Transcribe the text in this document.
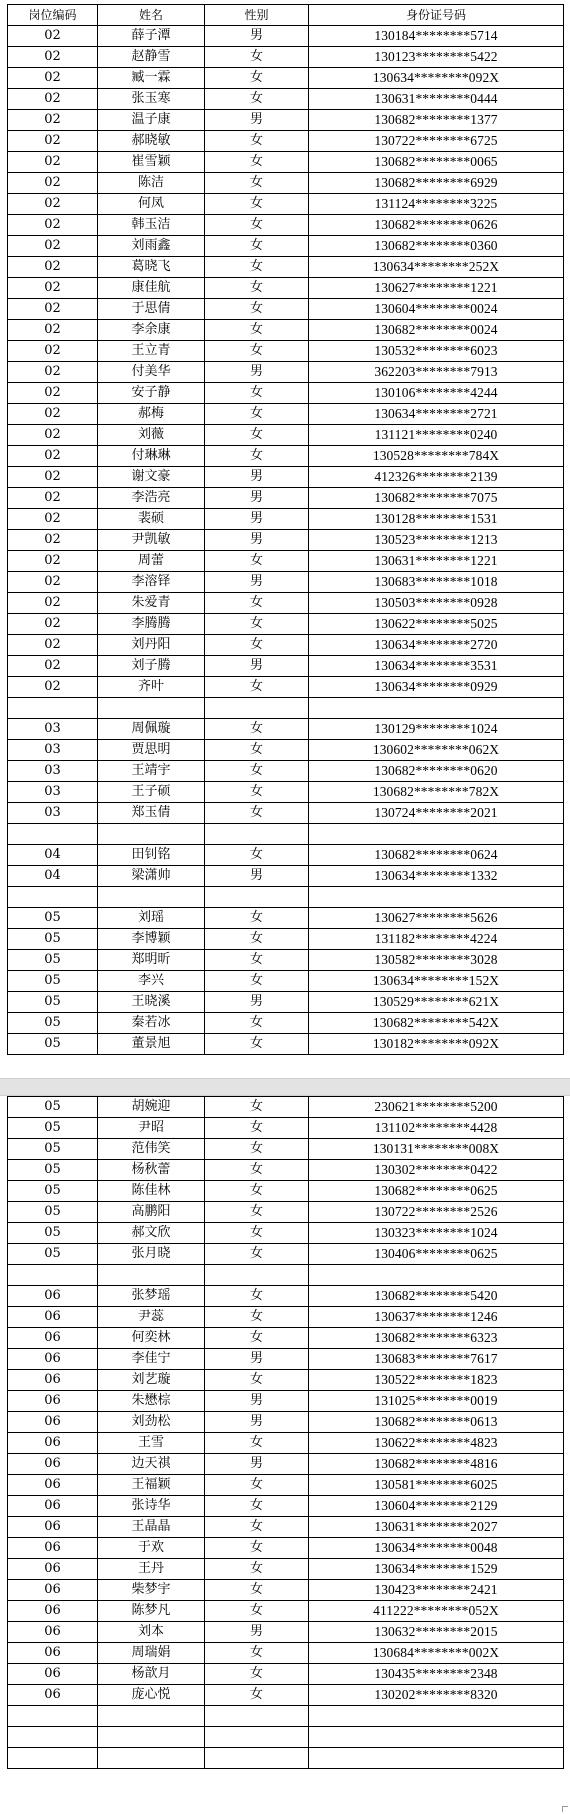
岗位编码	姓名	性别	身份证号码
02	薛子潭	男	130184********5714
02	赵静雪	女	130123********5422
02	臧一霖	女	130634********092X
02	张玉寒	女	130631********0444
02	温子康	男	130682********1377
02	郝晓敏	女	130722********6725
02	崔雪颖	女	130682********0065
02	陈洁	女	130682********6929
02	何凤	女	131124********3225
02	韩玉洁	女	130682********0626
02	刘雨鑫	女	130682********0360
02	葛晓飞	女	130634********252X
02	康佳航	女	130627********1221
02	于思倩	女	130604********0024
02	李余康	女	130682********0024
02	王立青	女	130532********6023
02	付美华	男	362203********7913
02	安子静	女	130106********4244
02	郝梅	女	130634********2721
02	刘薇	女	131121********0240
02	付琳琳	女	130528********784X
02	谢文豪	男	412326********2139
02	李浩亮	男	130682********7075
02	裴硕	男	130128********1531
02	尹凯敏	男	130523********1213
02	周蕾	女	130631********1221
02	李溶铎	男	130683********1018
02	朱爱青	女	130503********0928
02	李腾腾	女	130622********5025
02	刘丹阳	女	130634********2720
02	刘子腾	男	130634********3531
02	齐叶	女	130634********0929

03	周佩璇	女	130129********1024
03	贾思明	女	130602********062X
03	王靖宇	女	130682********0620
03	王子硕	女	130682********782X
03	郑玉倩	女	130724********2021

04	田钊铭	女	130682********0624
04	梁潇帅	男	130634********1332

05	刘瑶	女	130627********5626
05	李博颖	女	131182********4224
05	郑明昕	女	130582********3028
05	李兴	女	130634********152X
05	王晓溪	男	130529********621X
05	秦若冰	女	130682********542X
05	董景旭	女	130182********092X
05	胡婉迎	女	230621********5200
05	尹昭	女	131102********4428
05	范伟笑	女	130131********008X
05	杨秋蕾	女	130302********0422
05	陈佳林	女	130682********0625
05	高鹏阳	女	130722********2526
05	郝文欣	女	130323********1024
05	张月晓	女	130406********0625

06	张梦瑶	女	130682********5420
06	尹蕊	女	130637********1246
06	何奕林	女	130682********6323
06	李佳宁	男	130683********7617
06	刘艺璇	女	130522********1823
06	朱懋棕	男	131025********0019
06	刘劲松	男	130682********0613
06	王雪	女	130622********4823
06	边天祺	男	130682********4816
06	王福颖	女	130581********6025
06	张诗华	女	130604********2129
06	王晶晶	女	130631********2027
06	于欢	女	130634********0048
06	王丹	女	130634********1529
06	柴梦宇	女	130423********2421
06	陈梦凡	女	411222********052X
06	刘本	男	130632********2015
06	周瑞娟	女	130684********002X
06	杨歆月	女	130435********2348
06	庞心悦	女	130202********8320
